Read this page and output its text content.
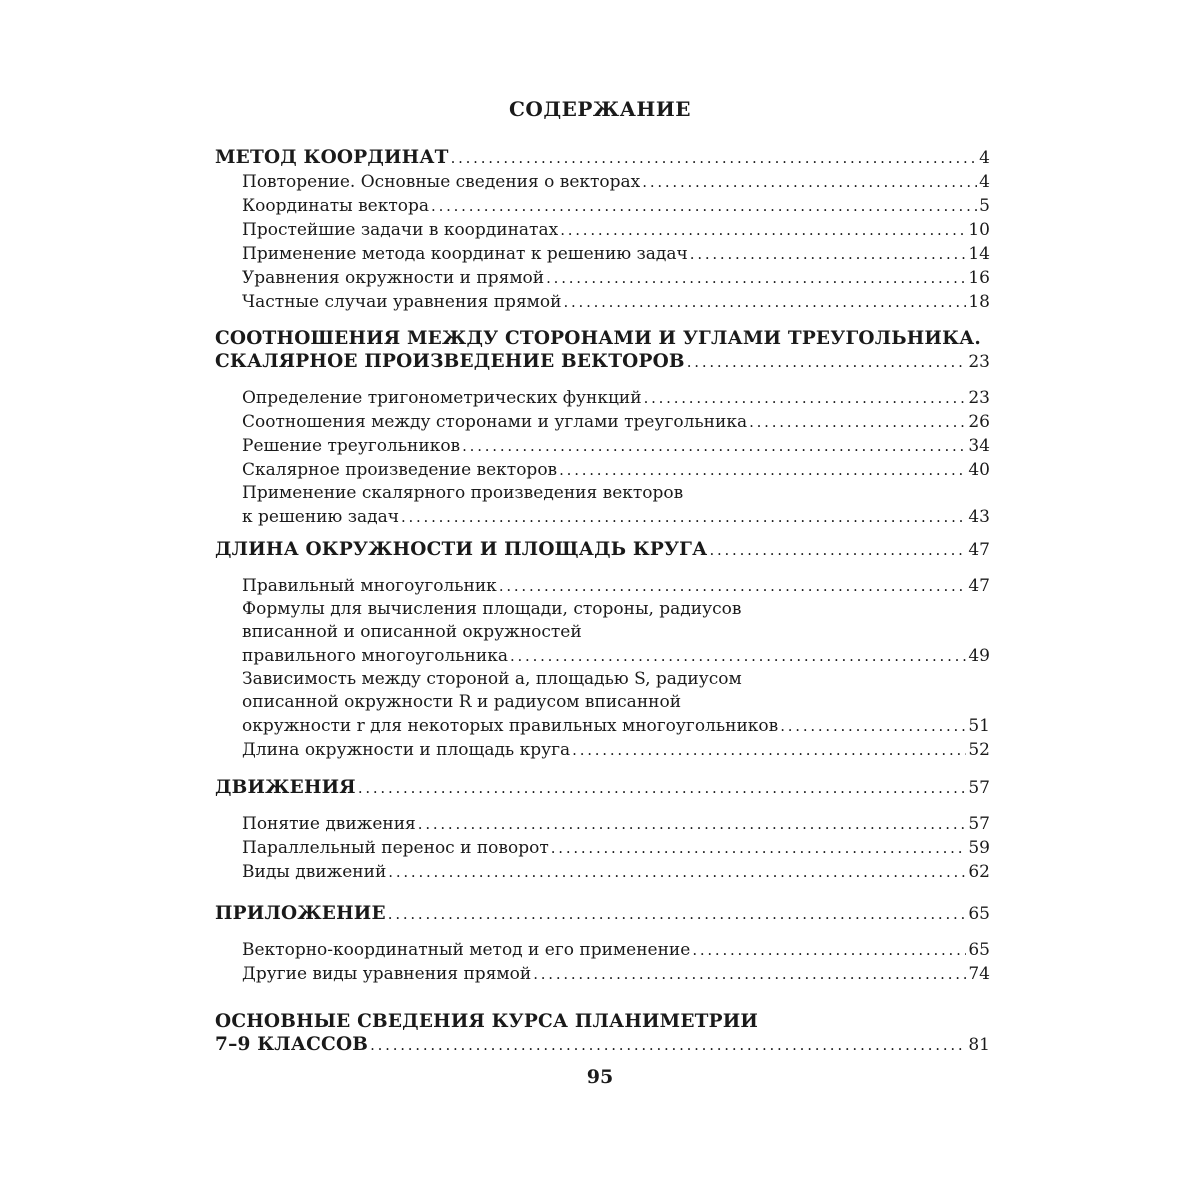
СОДЕРЖАНИЕ
МЕТОД КООРДИНАТ . . .	4
Повторение. Основные сведения о векторах . . .	4
Координаты вектора . . .	5
Простейшие задачи в координатах . . .	10
Применение метода координат к решению задач . . .	14
Уравнения окружности и прямой . . .	16
Частные случаи уравнения прямой . . .	18
СООТНОШЕНИЯ МЕЖДУ СТОРОНАМИ И УГЛАМИ ТРЕУГОЛЬНИКА.
СКАЛЯРНОЕ ПРОИЗВЕДЕНИЕ ВЕКТОРОВ . . .	23
Определение тригонометрических функций . . .	23
Соотношения между сторонами и углами треугольника . . .	26
Решение треугольников . . .	34
Скалярное произведение векторов . . .	40
Применение скалярного произведения векторов
к решению задач . . .	43
ДЛИНА ОКРУЖНОСТИ И ПЛОЩАДЬ КРУГА . . .	47
Правильный многоугольник . . .	47
Формулы для вычисления площади, стороны, радиусов
вписанной и описанной окружностей
правильного многоугольника . . .	49
Зависимость между стороной a, площадью S, радиусом
описанной окружности R и радиусом вписанной
окружности r для некоторых правильных многоугольников . . .	51
Длина окружности и площадь круга . . .	52
ДВИЖЕНИЯ . . .	57
Понятие движения . . .	57
Параллельный перенос и поворот . . .	59
Виды движений . . .	62
ПРИЛОЖЕНИЕ . . .	65
Векторно-координатный метод и его применение . . .	65
Другие виды уравнения прямой . . .	74
ОСНОВНЫЕ СВЕДЕНИЯ КУРСА ПЛАНИМЕТРИИ
7–9 КЛАССОВ . . .	81
95
